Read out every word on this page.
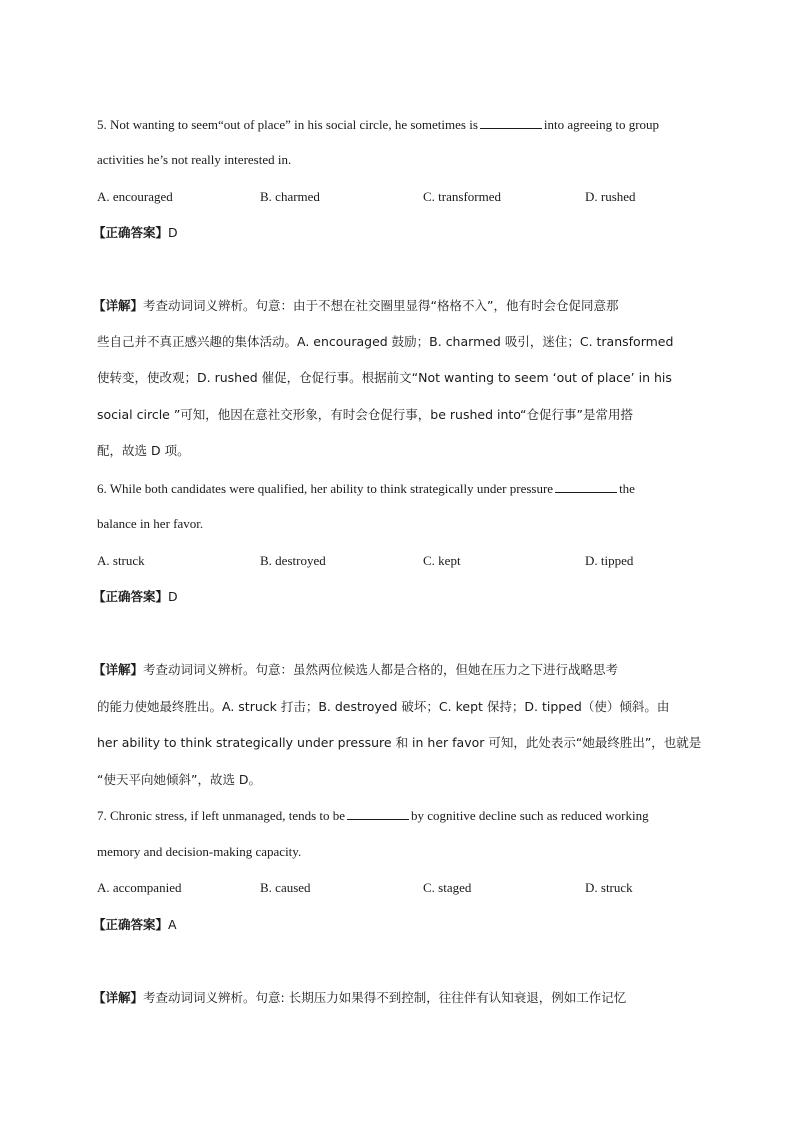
5. Not wanting to seem“out of place” in his social circle, he sometimes is	into agreeing to group
activities he’s not really interested in.
A. encouraged	B. charmed	C. transformed	D. rushed
【正确答案】D
【详解】考查动词词义辨析。句意：由于不想在社交圈里显得“格格不入”，他有时会仓促同意那
些自己并不真正感兴趣的集体活动。A. encouraged 鼓励；B. charmed 吸引，迷住；C. transformed
使转变，使改观；D. rushed 催促，仓促行事。根据前文“Not wanting to seem ‘out of place’ in his
social circle ”可知，他因在意社交形象，有时会仓促行事，be rushed into“仓促行事”是常用搭
配，故选 D 项。
6. While both candidates were qualified, her ability to think strategically under pressure	the
balance in her favor.
A. struck	B. destroyed	C. kept	D. tipped
【正确答案】D
【详解】考查动词词义辨析。句意：虽然两位候选人都是合格的，但她在压力之下进行战略思考
的能力使她最终胜出。A. struck 打击；B. destroyed 破坏；C. kept 保持；D. tipped（使）倾斜。由
her ability to think strategically under pressure 和 in her favor 可知，此处表示“她最终胜出”，也就是
“使天平向她倾斜”，故选 D。
7. Chronic stress, if left unmanaged, tends to be	by cognitive decline such as reduced working
memory and decision-making capacity.
A. accompanied	B. caused	C. staged	D. struck
【正确答案】A
【详解】考查动词词义辨析。句意: 长期压力如果得不到控制，往往伴有认知衰退，例如工作记忆
